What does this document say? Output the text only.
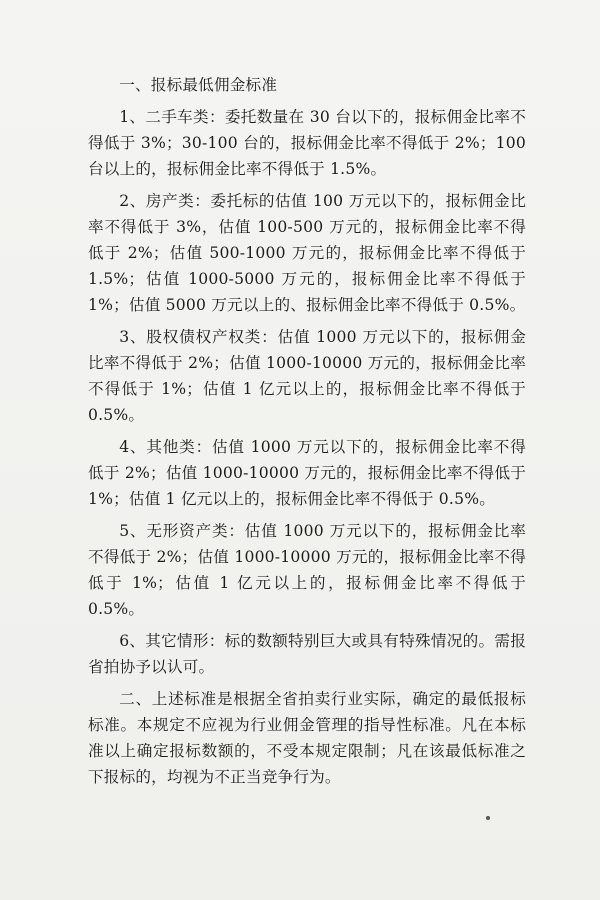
一、报标最低佣金标准

1、二手车类：委托数量在 30 台以下的，报标佣金比率不得低于 3%；30-100 台的，报标佣金比率不得低于 2%；100 台以上的，报标佣金比率不得低于 1.5%。

2、房产类：委托标的估值 100 万元以下的，报标佣金比率不得低于 3%，估值 100-500 万元的，报标佣金比率不得低于 2%；估值 500-1000 万元的，报标佣金比率不得低于 1.5%；估值 1000-5000 万元的，报标佣金比率不得低于 1%；估值 5000 万元以上的、报标佣金比率不得低于 0.5%。

3、股权债权产权类：估值 1000 万元以下的，报标佣金比率不得低于 2%；估值 1000-10000 万元的，报标佣金比率不得低于 1%；估值 1 亿元以上的，报标佣金比率不得低于 0.5%。

4、其他类：估值 1000 万元以下的，报标佣金比率不得低于 2%；估值 1000-10000 万元的，报标佣金比率不得低于 1%；估值 1 亿元以上的，报标佣金比率不得低于 0.5%。

5、无形资产类：估值 1000 万元以下的，报标佣金比率不得低于 2%；估值 1000-10000 万元的，报标佣金比率不得低于 1%；估值 1 亿元以上的，报标佣金比率不得低于 0.5%。

6、其它情形：标的数额特别巨大或具有特殊情况的。需报省拍协予以认可。

二、上述标准是根据全省拍卖行业实际，确定的最低报标标准。本规定不应视为行业佣金管理的指导性标准。凡在本标准以上确定报标数额的，不受本规定限制；凡在该最低标准之下报标的，均视为不正当竞争行为。
